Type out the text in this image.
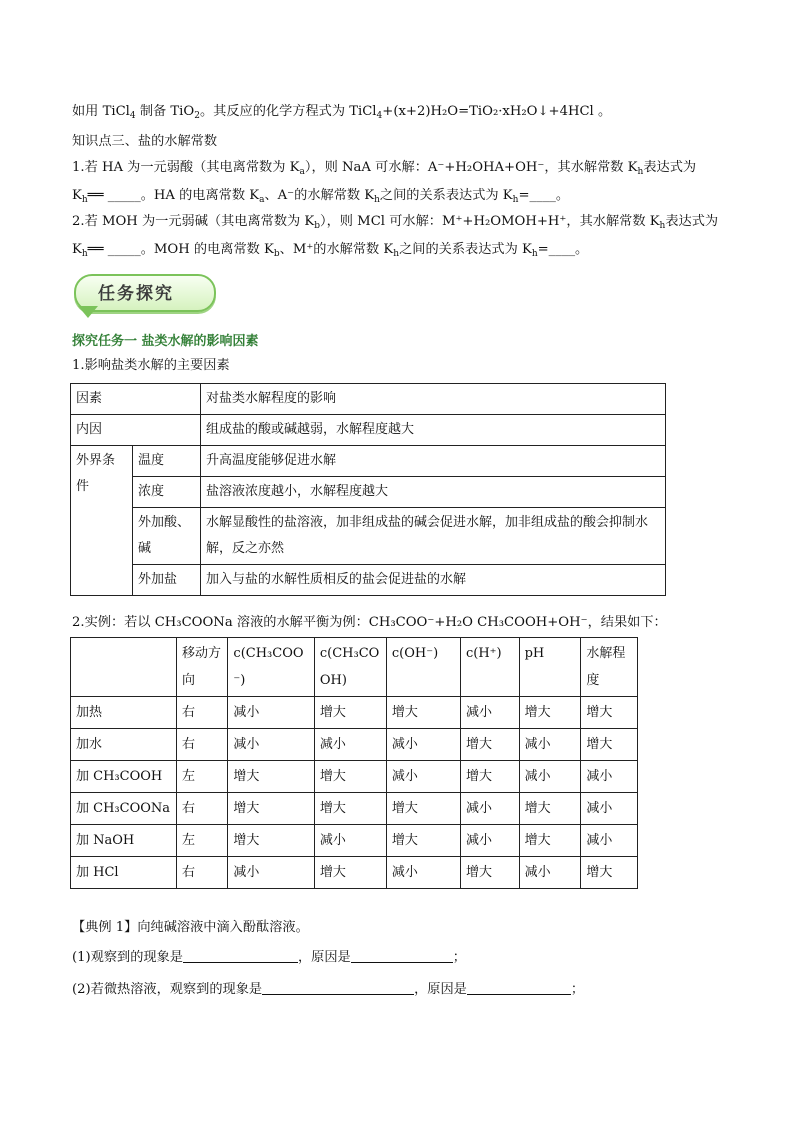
如用 TiCl$_4$ 制备 TiO$_2$。其反应的化学方程式为 TiCl$_4$+(x+2)H₂O=TiO₂·xH₂O↓+4HCl 。
知识点三、盐的水解常数
1.若 HA 为一元弱酸（其电离常数为 $K_a$），则 NaA 可水解：A⁻+H₂OHA+OH⁻，其水解常数 $K_h$表达式为
$K_h══$ _____。HA 的电离常数 $K_a$、A⁻的水解常数 $K_h$之间的关系表达式为 $K_h=\_\_\_\_$。
2.若 MOH 为一元弱碱（其电离常数为 $K_b$），则 MCl 可水解：M⁺+H₂OMOH+H⁺，其水解常数 $K_h$表达式为
$K_h══$ _____。MOH 的电离常数 $K_b$、M⁺的水解常数 $K_h$之间的关系表达式为 $K_h=\_\_\_\_$。
任务探究
探究任务一 盐类水解的影响因素
1.影响盐类水解的主要因素
因素		对盐类水解程度的影响
内因		组成盐的酸或碱越弱，水解程度越大
外界条件	温度	升高温度能够促进水解
	浓度	盐溶液浓度越小，水解程度越大
	外加酸、碱	水解显酸性的盐溶液，加非组成盐的碱会促进水解，加非组成盐的酸会抑制水解，反之亦然
	外加盐	加入与盐的水解性质相反的盐会促进盐的水解
2.实例：若以 CH₃COONa 溶液的水解平衡为例：CH₃COO⁻+H₂O CH₃COOH+OH⁻，结果如下：
	移动方向	c(CH₃COO⁻)	c(CH₃COOH)	c(OH⁻)	c(H⁺)	pH	水解程度
加热	右	减小	增大	增大	减小	增大	增大
加水	右	减小	减小	减小	增大	减小	增大
加 CH₃COOH	左	增大	增大	减小	增大	减小	减小
加 CH₃COONa	右	增大	增大	增大	减小	增大	减小
加 NaOH	左	增大	减小	增大	减小	增大	减小
加 HCl	右	减小	增大	减小	增大	减小	增大
【典例 1】向纯碱溶液中滴入酚酞溶液。
(1)观察到的现象是	，原因是	；
(2)若微热溶液，观察到的现象是	，原因是	；
